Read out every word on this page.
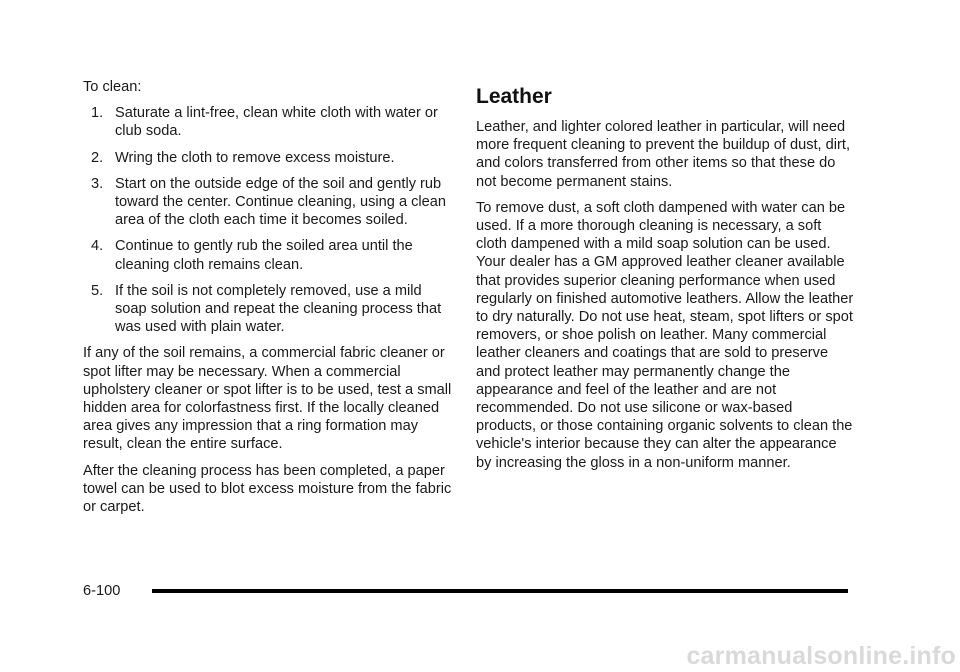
To clean:
1. Saturate a lint-free, clean white cloth with water or club soda.
2. Wring the cloth to remove excess moisture.
3. Start on the outside edge of the soil and gently rub toward the center. Continue cleaning, using a clean area of the cloth each time it becomes soiled.
4. Continue to gently rub the soiled area until the cleaning cloth remains clean.
5. If the soil is not completely removed, use a mild soap solution and repeat the cleaning process that was used with plain water.

If any of the soil remains, a commercial fabric cleaner or spot lifter may be necessary. When a commercial upholstery cleaner or spot lifter is to be used, test a small hidden area for colorfastness first. If the locally cleaned area gives any impression that a ring formation may result, clean the entire surface.

After the cleaning process has been completed, a paper towel can be used to blot excess moisture from the fabric or carpet.

Leather

Leather, and lighter colored leather in particular, will need more frequent cleaning to prevent the buildup of dust, dirt, and colors transferred from other items so that these do not become permanent stains.

To remove dust, a soft cloth dampened with water can be used. If a more thorough cleaning is necessary, a soft cloth dampened with a mild soap solution can be used. Your dealer has a GM approved leather cleaner available that provides superior cleaning performance when used regularly on finished automotive leathers. Allow the leather to dry naturally. Do not use heat, steam, spot lifters or spot removers, or shoe polish on leather. Many commercial leather cleaners and coatings that are sold to preserve and protect leather may permanently change the appearance and feel of the leather and are not recommended. Do not use silicone or wax-based products, or those containing organic solvents to clean the vehicle's interior because they can alter the appearance by increasing the gloss in a non-uniform manner.

6-100
carmanualsonline.info
